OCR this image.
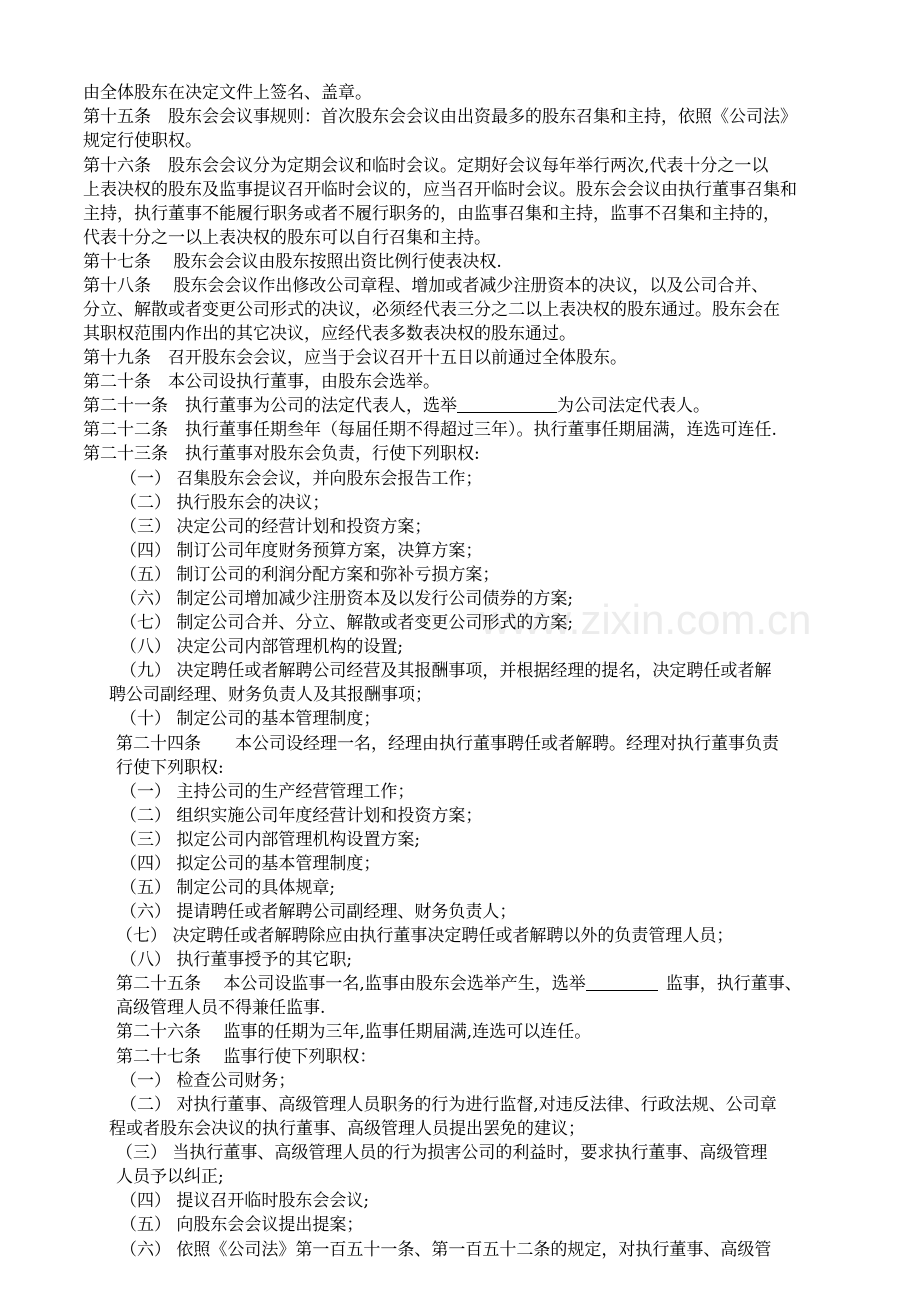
www.zixin.com.cn
由全体股东在决定文件上签名、盖章。
第十五条　股东会会议事规则：首次股东会会议由出资最多的股东召集和主持，依照《公司法》
规定行使职权。
第十六条　股东会会议分为定期会议和临时会议。定期好会议每年举行两次,代表十分之一以
上表决权的股东及监事提议召开临时会议的，应当召开临时会议。股东会会议由执行董事召集和
主持，执行董事不能履行职务或者不履行职务的，由监事召集和主持，监事不召集和主持的，
代表十分之一以上表决权的股东可以自行召集和主持。
第十七条　 股东会会议由股东按照出资比例行使表决权.
第十八条　 股东会会议作出修改公司章程、增加或者减少注册资本的决议，以及公司合并、
分立、解散或者变更公司形式的决议，必须经代表三分之二以上表决权的股东通过。股东会在
其职权范围内作出的其它决议，应经代表多数表决权的股东通过。
第十九条　召开股东会会议，应当于会议召开十五日以前通过全体股东。
第二十条　本公司设执行董事，由股东会选举。
第二十一条　执行董事为公司的法定代表人，选举	为公司法定代表人。
第二十二条　执行董事任期叁年（每届任期不得超过三年）。执行董事任期届满，连选可连任.
第二十三条　执行董事对股东会负责，行使下列职权:
（一） 召集股东会会议，并向股东会报告工作；
（二） 执行股东会的决议；
（三） 决定公司的经营计划和投资方案；
（四） 制订公司年度财务预算方案，决算方案；
（五） 制订公司的利润分配方案和弥补亏损方案；
（六） 制定公司增加减少注册资本及以发行公司债券的方案;
（七） 制定公司合并、分立、解散或者变更公司形式的方案;
（八） 决定公司内部管理机构的设置;
（九） 决定聘任或者解聘公司经营及其报酬事项，并根据经理的提名，决定聘任或者解
聘公司副经理、财务负责人及其报酬事项；
（十） 制定公司的基本管理制度；
第二十四条　　本公司设经理一名，经理由执行董事聘任或者解聘。经理对执行董事负责
行使下列职权:
（一） 主持公司的生产经营管理工作；
（二） 组织实施公司年度经营计划和投资方案；
（三） 拟定公司内部管理机构设置方案;
（四） 拟定公司的基本管理制度；
（五） 制定公司的具体规章;
（六） 提请聘任或者解聘公司副经理、财务负责人；
（七） 决定聘任或者解聘除应由执行董事决定聘任或者解聘以外的负责管理人员；
（八） 执行董事授予的其它职;
第二十五条　 本公司设监事一名,监事由股东会选举产生，选举	监事，执行董事、
高级管理人员不得兼任监事.
第二十六条　 监事的任期为三年,监事任期届满,连选可以连任。
第二十七条　 监事行使下列职权：
（一） 检查公司财务；
（二） 对执行董事、高级管理人员职务的行为进行监督,对违反法律、行政法规、公司章
程或者股东会决议的执行董事、高级管理人员提出罢免的建议；
（三） 当执行董事、高级管理人员的行为损害公司的利益时，要求执行董事、高级管理
人员予以纠正;
（四） 提议召开临时股东会会议;
（五） 向股东会会议提出提案；
（六） 依照《公司法》第一百五十一条、第一百五十二条的规定，对执行董事、高级管
